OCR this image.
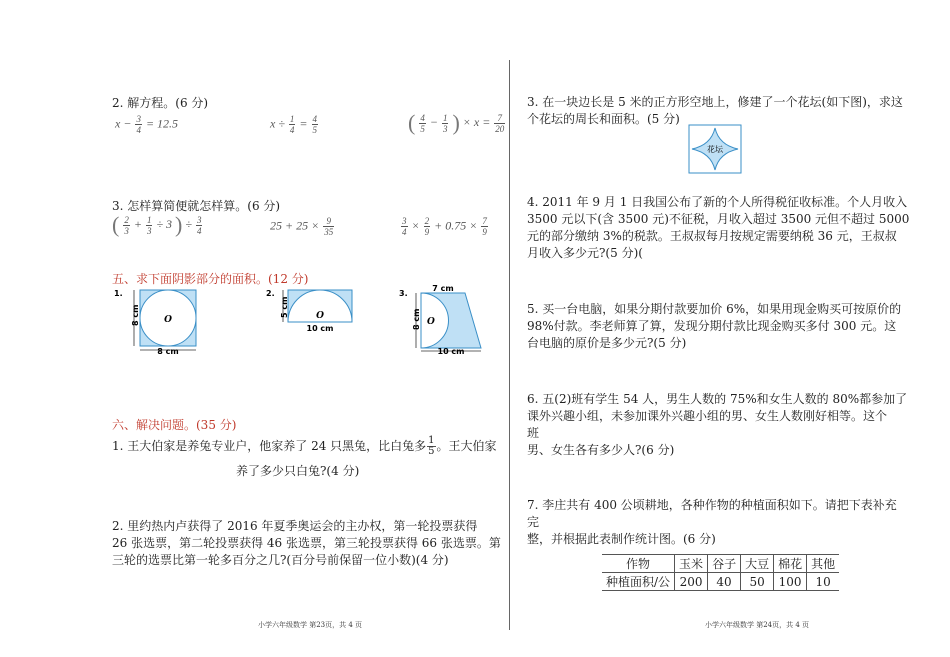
2. 解方程。(6 分)
$x - \frac{3}{4} = 12.5$	$x \div \frac{1}{4} = \frac{4}{5}$	( $\frac{4}{5} - \frac{1}{3}$ ) × $x = \frac{7}{20}$
3. 怎样算简便就怎样算。(6 分)
( $\frac{2}{3} + \frac{1}{3} \div 3$ ) ÷ $\frac{3}{4}$	$25 + 25 \times \frac{9}{35}$	$\frac{3}{4} \times \frac{2}{9} + 0.75 \times \frac{7}{9}$
五、求下面阴影部分的面积。(12 分)
1.
O
8 cm
8 cm
2.
O
5 cm
10 cm
3.
7 cm
O
8 cm
10 cm
六、解决问题。(35 分)
1. 王大伯家是养兔专业户，他家养了 24 只黑兔，比白兔多 $\frac{1}{5}$ 。王大伯家
养了多少只白兔?(4 分)
2. 里约热内卢获得了 2016 年夏季奥运会的主办权，第一轮投票获得
26 张选票，第二轮投票获得 46 张选票，第三轮投票获得 66 张选票。第
三轮的选票比第一轮多百分之几?(百分号前保留一位小数)(4 分)
小学六年级数学 第23页，共 4 页
3. 在一块边长是 5 米的正方形空地上，修建了一个花坛(如下图)，求这
个花坛的周长和面积。(5 分)
花坛
4. 2011 年 9 月 1 日我国公布了新的个人所得税征收标准。个人月收入
3500 元以下(含 3500 元)不征税，月收入超过 3500 元但不超过 5000
元的部分缴纳 3%的税款。王叔叔每月按规定需要纳税 36 元，王叔叔
月收入多少元?(5 分)(
5. 买一台电脑，如果分期付款要加价 6%，如果用现金购买可按原价的
98%付款。李老师算了算，发现分期付款比现金购买多付 300 元。这
台电脑的原价是多少元?(5 分)
6. 五(2)班有学生 54 人，男生人数的 75%和女生人数的 80%都参加了
课外兴趣小组，未参加课外兴趣小组的男、女生人数刚好相等。这个
班
男、女生各有多少人?(6 分)
7. 李庄共有 400 公顷耕地，各种作物的种植面积如下。请把下表补充
完
整，并根据此表制作统计图。(6 分)
作物	玉米	谷子	大豆	棉花	其他
种植面积/公	200	40	50	100	10
小学六年级数学 第24页，共 4 页
